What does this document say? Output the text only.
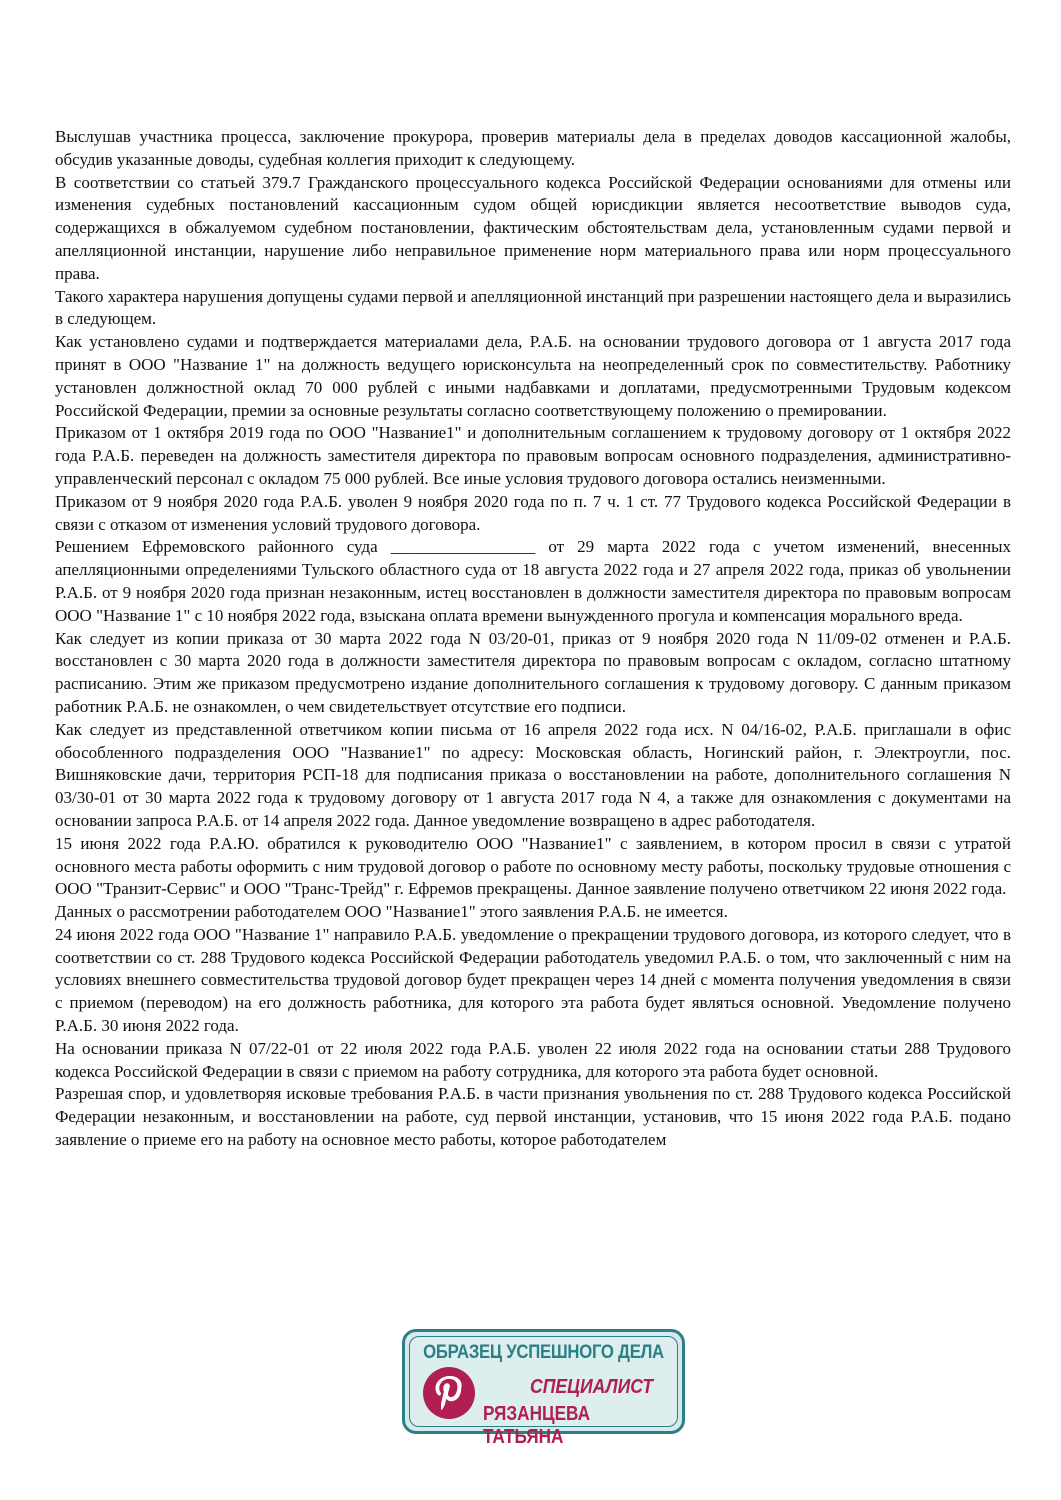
Выслушав участника процесса, заключение прокурора, проверив материалы дела в пределах доводов кассационной жалобы, обсудив указанные доводы, судебная коллегия приходит к следующему.

В соответствии со статьей 379.7 Гражданского процессуального кодекса Российской Федерации основаниями для отмены или изменения судебных постановлений кассационным судом общей юрисдикции является несоответствие выводов суда, содержащихся в обжалуемом судебном постановлении, фактическим обстоятельствам дела, установленным судами первой и апелляционной инстанции, нарушение либо неправильное применение норм материального права или норм процессуального права.

Такого характера нарушения допущены судами первой и апелляционной инстанций при разрешении настоящего дела и выразились в следующем.

Как установлено судами и подтверждается материалами дела, Р.А.Б. на основании трудового договора от 1 августа 2017 года принят в ООО "Название 1" на должность ведущего юрисконсульта на неопределенный срок по совместительству. Работнику установлен должностной оклад 70 000 рублей с иными надбавками и доплатами, предусмотренными Трудовым кодексом Российской Федерации, премии за основные результаты согласно соответствующему положению о премировании.

Приказом от 1 октября 2019 года по ООО "Название1" и дополнительным соглашением к трудовому договору от 1 октября 2022 года Р.А.Б. переведен на должность заместителя директора по правовым вопросам основного подразделения, административно-управленческий персонал с окладом 75 000 рублей. Все иные условия трудового договора остались неизменными.

Приказом от 9 ноября 2020 года Р.А.Б. уволен 9 ноября 2020 года по п. 7 ч. 1 ст. 77 Трудового кодекса Российской Федерации в связи с отказом от изменения условий трудового договора.

Решением Ефремовского районного суда _________________ от 29 марта 2022 года с учетом изменений, внесенных апелляционными определениями Тульского областного суда от 18 августа 2022 года и 27 апреля 2022 года, приказ об увольнении Р.А.Б. от 9 ноября 2020 года признан незаконным, истец восстановлен в должности заместителя директора по правовым вопросам ООО "Название 1" с 10 ноября 2022 года, взыскана оплата времени вынужденного прогула и компенсация морального вреда.

Как следует из копии приказа от 30 марта 2022 года N 03/20-01, приказ от 9 ноября 2020 года N 11/09-02 отменен и Р.А.Б. восстановлен с 30 марта 2020 года в должности заместителя директора по правовым вопросам с окладом, согласно штатному расписанию. Этим же приказом предусмотрено издание дополнительного соглашения к трудовому договору. С данным приказом работник Р.А.Б. не ознакомлен, о чем свидетельствует отсутствие его подписи.

Как следует из представленной ответчиком копии письма от 16 апреля 2022 года исх. N 04/16-02, Р.А.Б. приглашали в офис обособленного подразделения ООО "Название1" по адресу: Московская область, Ногинский район, г. Электроугли, пос. Вишняковские дачи, территория РСП-18 для подписания приказа о восстановлении на работе, дополнительного соглашения N 03/30-01 от 30 марта 2022 года к трудовому договору от 1 августа 2017 года N 4, а также для ознакомления с документами на основании запроса Р.А.Б. от 14 апреля 2022 года. Данное уведомление возвращено в адрес работодателя.

15 июня 2022 года Р.А.Ю. обратился к руководителю ООО "Название1" с заявлением, в котором просил в связи с утратой основного места работы оформить с ним трудовой договор о работе по основному месту работы, поскольку трудовые отношения с ООО "Транзит-Сервис" и ООО "Транс-Трейд" г. Ефремов прекращены. Данное заявление получено ответчиком 22 июня 2022 года.

Данных о рассмотрении работодателем ООО "Название1" этого заявления Р.А.Б. не имеется.

24 июня 2022 года ООО "Название 1" направило Р.А.Б. уведомление о прекращении трудового договора, из которого следует, что в соответствии со ст. 288 Трудового кодекса Российской Федерации работодатель уведомил Р.А.Б. о том, что заключенный с ним на условиях внешнего совместительства трудовой договор будет прекращен через 14 дней с момента получения уведомления в связи с приемом (переводом) на его должность работника, для которого эта работа будет являться основной. Уведомление получено Р.А.Б. 30 июня 2022 года.

На основании приказа N 07/22-01 от 22 июля 2022 года Р.А.Б. уволен 22 июля 2022 года на основании статьи 288 Трудового кодекса Российской Федерации в связи с приемом на работу сотрудника, для которого эта работа будет основной.

Разрешая спор, и удовлетворяя исковые требования Р.А.Б. в части признания увольнения по ст. 288 Трудового кодекса Российской Федерации незаконным, и восстановлении на работе, суд первой инстанции, установив, что 15 июня 2022 года Р.А.Б. подано заявление о приеме его на работу на основное место работы, которое работодателем

ОБРАЗЕЦ УСПЕШНОГО ДЕЛА
СПЕЦИАЛИСТ
РЯЗАНЦЕВА ТАТЬЯНА
